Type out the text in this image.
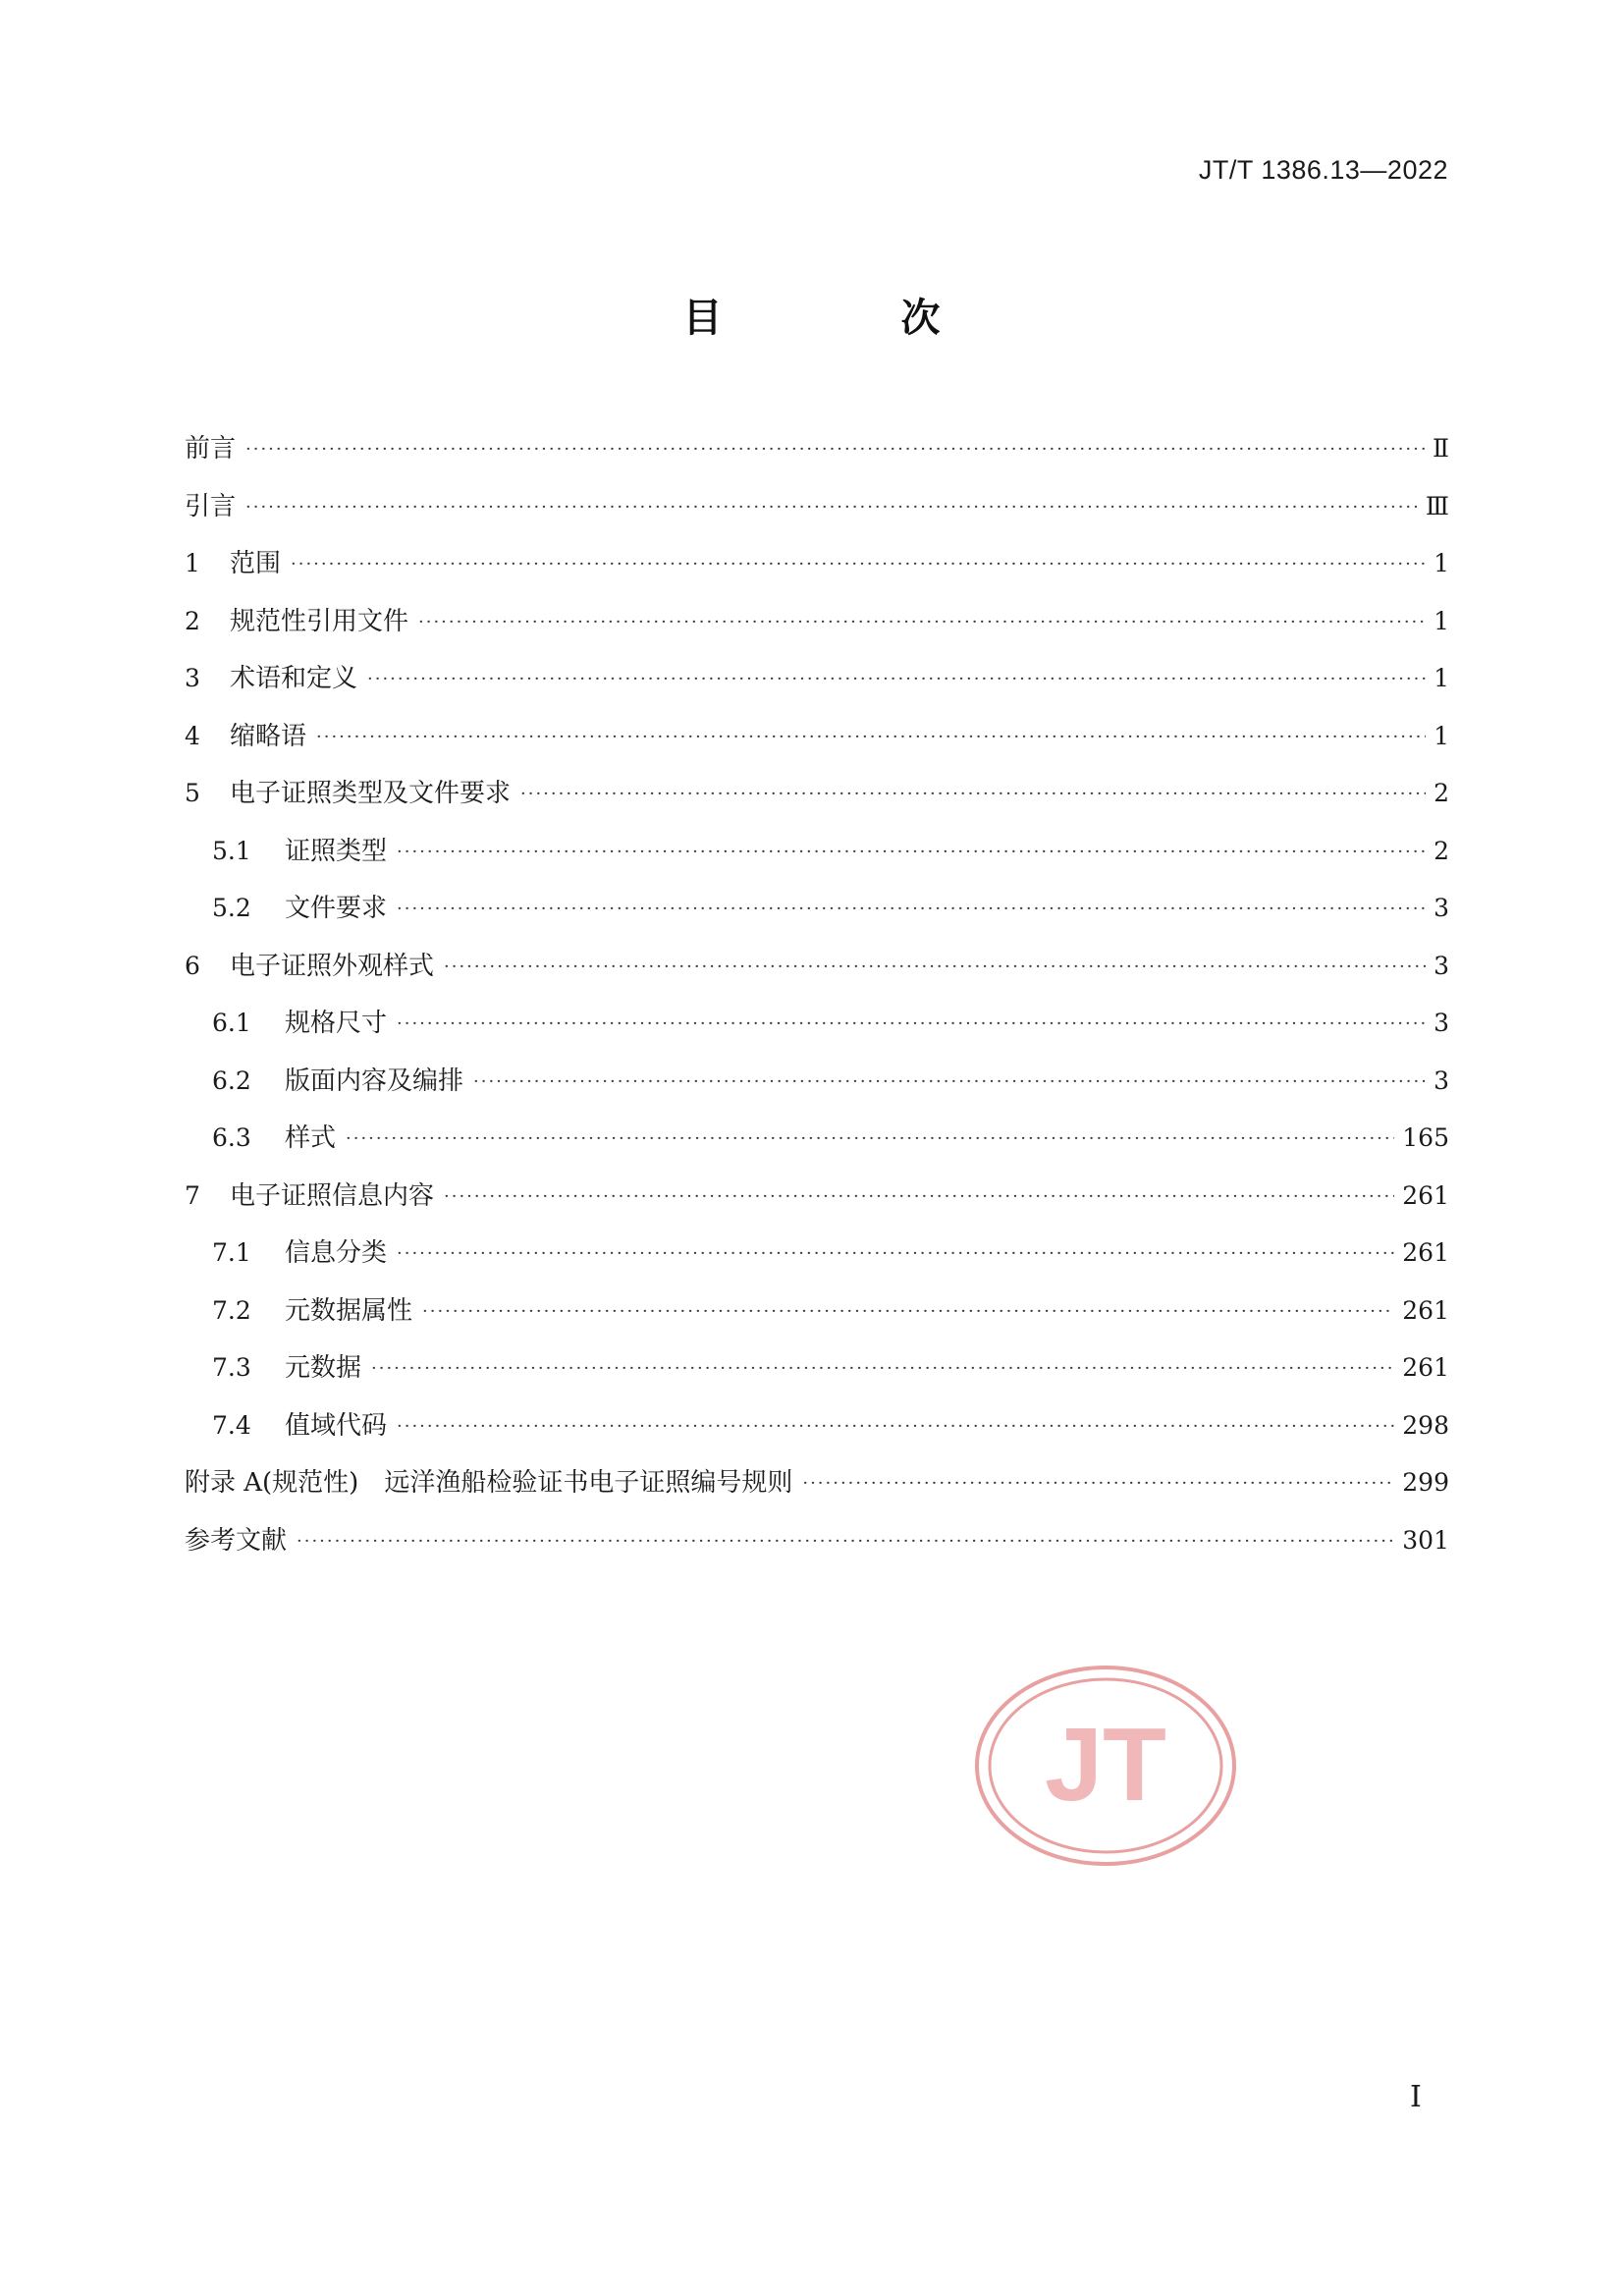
JT/T 1386.13—2022
目 次
前言 ·····	Ⅱ
引言 ·····	Ⅲ
1	范围 ·····	1
2	规范性引用文件 ·····	1
3	术语和定义 ·····	1
4	缩略语 ·····	1
5	电子证照类型及文件要求 ·····	2
5.1	证照类型 ·····	2
5.2	文件要求 ·····	3
6	电子证照外观样式 ·····	3
6.1	规格尺寸 ·····	3
6.2	版面内容及编排 ·····	3
6.3	样式 ·····	165
7	电子证照信息内容 ·····	261
7.1	信息分类 ·····	261
7.2	元数据属性 ·····	261
7.3	元数据 ·····	261
7.4	值域代码 ·····	298
附录 A(规范性)　远洋渔船检验证书电子证照编号规则 ·····	299
参考文献 ·····	301
JT
I
